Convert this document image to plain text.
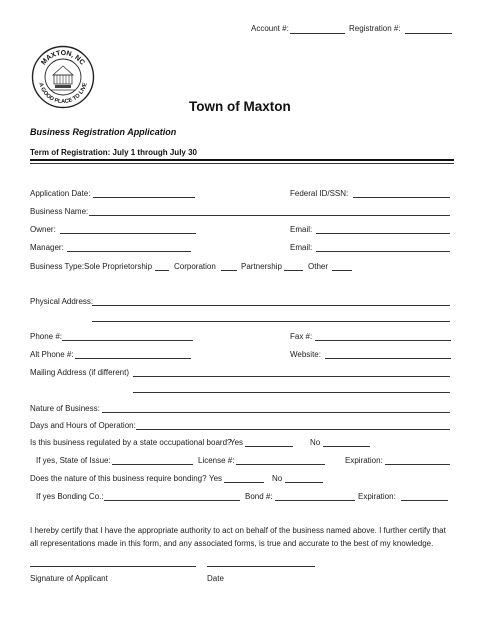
Account #:	Registration #:
MAXTON, NC
A GOOD PLACE TO LIVE
Town of Maxton
Business Registration Application
Term of Registration: July 1 through July 30
Application Date:	Federal ID/SSN:
Business Name:
Owner:	Email:
Manager:	Email:
Business Type: Sole Proprietorship	Corporation	Partnership	Other
Physical Address:
Phone #:	Fax #:
Alt Phone #:	Website:
Mailing Address (if different)
Nature of Business:
Days and Hours of Operation:
Is this business regulated by a state occupational board?
Yes	No
If yes, State of Issue:	License #:	Expiration:
Does the nature of this business require bonding? Yes	No
If yes Bonding Co.:	Bond #:	Expiration:
I hereby certify that I have the appropriate authority to act on behalf of the business named above. I further certify that all representations made in this form, and any associated forms, is true and accurate to the best of my knowledge.
Signature of Applicant	Date
